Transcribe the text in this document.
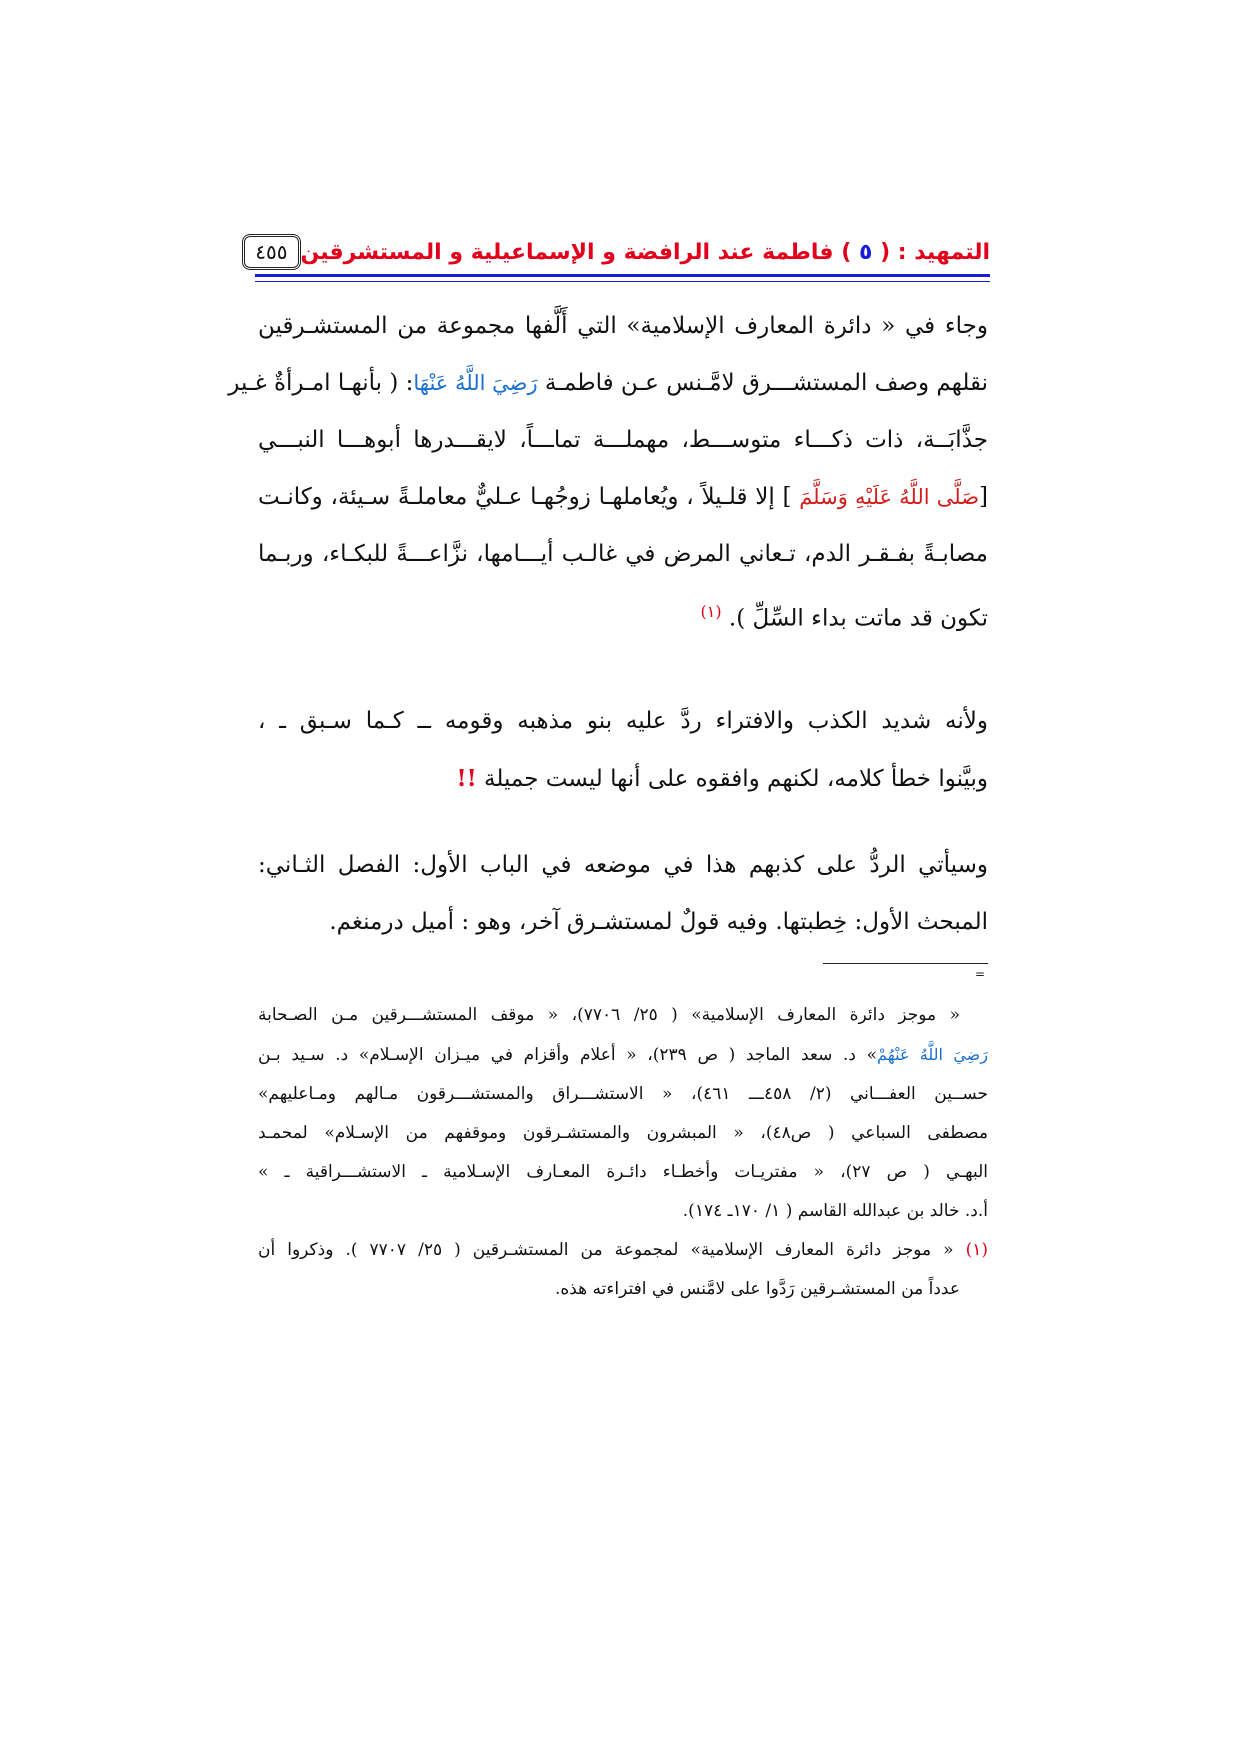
التمهيد : ( ٥ ) فاطمة عند الرافضة و الإسماعيلية و المستشرقين
٤٥٥
وجاء في « دائرة المعارف الإسلامية» التي أَلَّفها مجموعة من المستشـرقين
نقلهم وصف المستشـــرق لامَّـنس عـن فاطمـة رَضِيَ اللَّهُ عَنْهَا: ( بأنهـا امـرأةٌ غـير
جذَّابَــة، ذات ذكـــاء متوســـط، مهملـــة تماـــاً، لايقـــدرها أبوهـــا النبـــي
[صَلَّى اللَّهُ عَلَيْهِ وَسَلَّمَ ] إلا قلـيلاً ، ويُعاملهـا زوجُهـا عـليٌّ معاملـةً سـيئة، وكانـت
مصابـةً بفـقـر الدم، تـعاني المرض في غالـب أيـــامها، نزَّاعـــةً للبكـاء، وربـما
تكون قد ماتت بداء السِّلِّ ). $^{(١)}$
ولأنه شديد الكذب والافتراء ردَّ عليه بنو مذهبه وقومه ــ كـما سـبق ـ ،
وبيَّنوا خطأ كلامه، لكنهم وافقوه على أنها ليست جميلة !!
وسيأتي الردُّ على كذبهم هذا في موضعه في الباب الأول: الفصل الثـاني:
المبحث الأول: خِطبتها. وفيه قولٌ لمستشـرق آخر، وهو : أميل درمنغم.
=
« موجز دائرة المعارف الإسلامية» ( ٢٥/ ٧٧٠٦)، « موقف المستشـــرقين مـن الصـحابة
رَضِيَ اللَّهُ عَنْهُمْ» د. سعد الماجد ( ص ٢٣٩)، « أعلام وأقزام في ميـزان الإسـلام» د. سـيد بـن
حســين العفـــاني (٢/ ٤٥٨ـــ ٤٦١)، « الاستشـــراق والمستشـــرقون مـالهم ومـاعليهم»
مصطفى السباعي ( ص٤٨)، « المبشرون والمستشـرقون وموقفهم من الإسـلام» لمحمـد
البهـي ( ص ٢٧)، « مفتريـات وأخطـاء دائـرة المعـارف الإسـلامية ـ الاستشـــراقية ـ »
أ.د. خالد بن عبدالله القاسم ( ١/ ١٧٠ـ ١٧٤).
(١) « موجز دائرة المعارف الإسلامية» لمجموعة من المستشـرقين ( ٢٥/ ٧٧٠٧ ). وذكروا أن
عدداً من المستشـرقين رَدَّوا على لامَّنس في افتراءته هذه.
